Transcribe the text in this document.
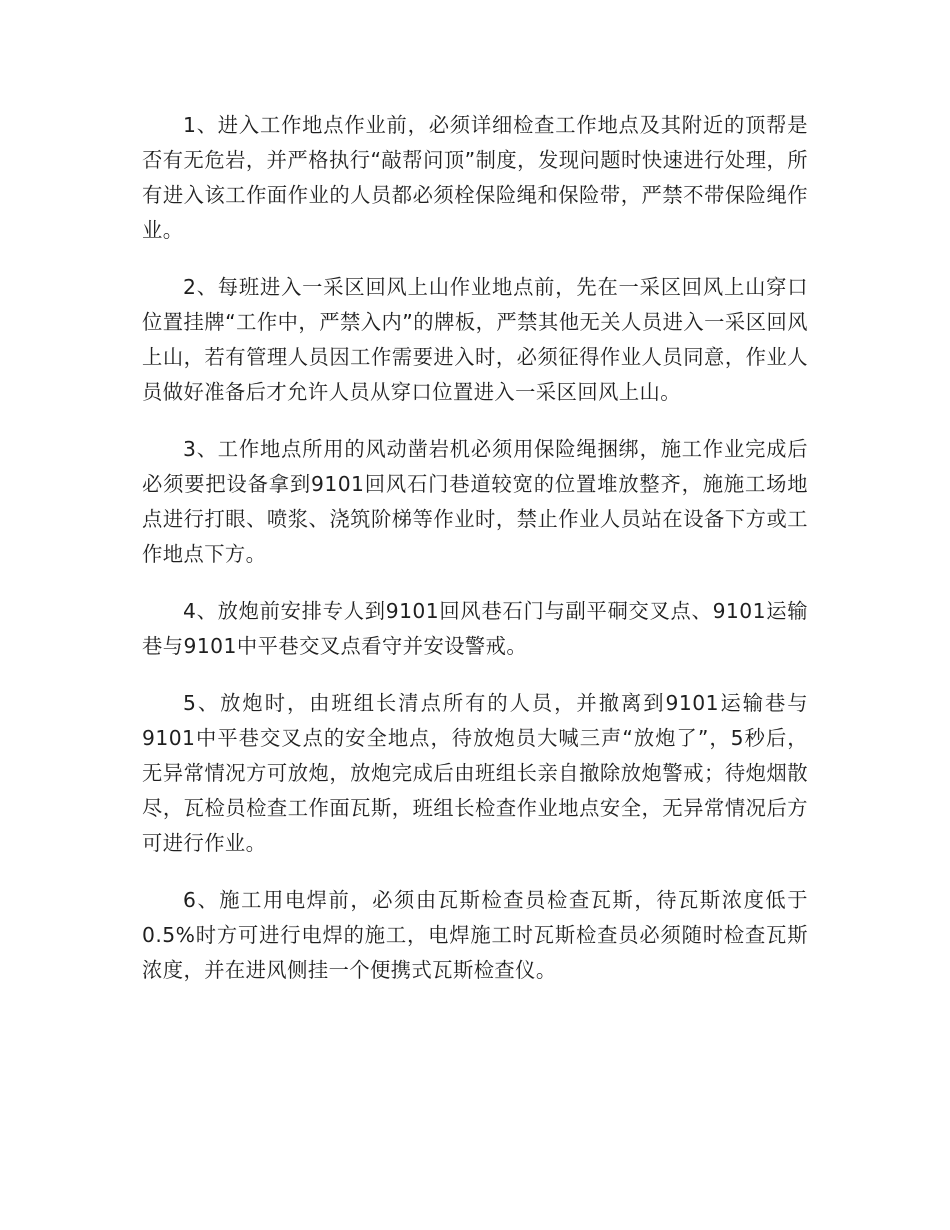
1、进入工作地点作业前，必须详细检查工作地点及其附近的顶帮是否有无危岩，并严格执行“敲帮问顶”制度，发现问题时快速进行处理，所有进入该工作面作业的人员都必须栓保险绳和保险带，严禁不带保险绳作业。

2、每班进入一采区回风上山作业地点前，先在一采区回风上山穿口位置挂牌“工作中，严禁入内”的牌板，严禁其他无关人员进入一采区回风上山，若有管理人员因工作需要进入时，必须征得作业人员同意，作业人员做好准备后才允许人员从穿口位置进入一采区回风上山。

3、工作地点所用的风动凿岩机必须用保险绳捆绑，施工作业完成后必须要把设备拿到9101回风石门巷道较宽的位置堆放整齐，施施工场地点进行打眼、喷浆、浇筑阶梯等作业时，禁止作业人员站在设备下方或工作地点下方。

4、放炮前安排专人到9101回风巷石门与副平硐交叉点、9101运输巷与9101中平巷交叉点看守并安设警戒。

5、放炮时，由班组长清点所有的人员，并撤离到9101运输巷与9101中平巷交叉点的安全地点，待放炮员大喊三声“放炮了”，5秒后，无异常情况方可放炮，放炮完成后由班组长亲自撤除放炮警戒；待炮烟散尽，瓦检员检查工作面瓦斯，班组长检查作业地点安全，无异常情况后方可进行作业。

6、施工用电焊前，必须由瓦斯检查员检查瓦斯，待瓦斯浓度低于0.5%时方可进行电焊的施工，电焊施工时瓦斯检查员必须随时检查瓦斯浓度，并在进风侧挂一个便携式瓦斯检查仪。
